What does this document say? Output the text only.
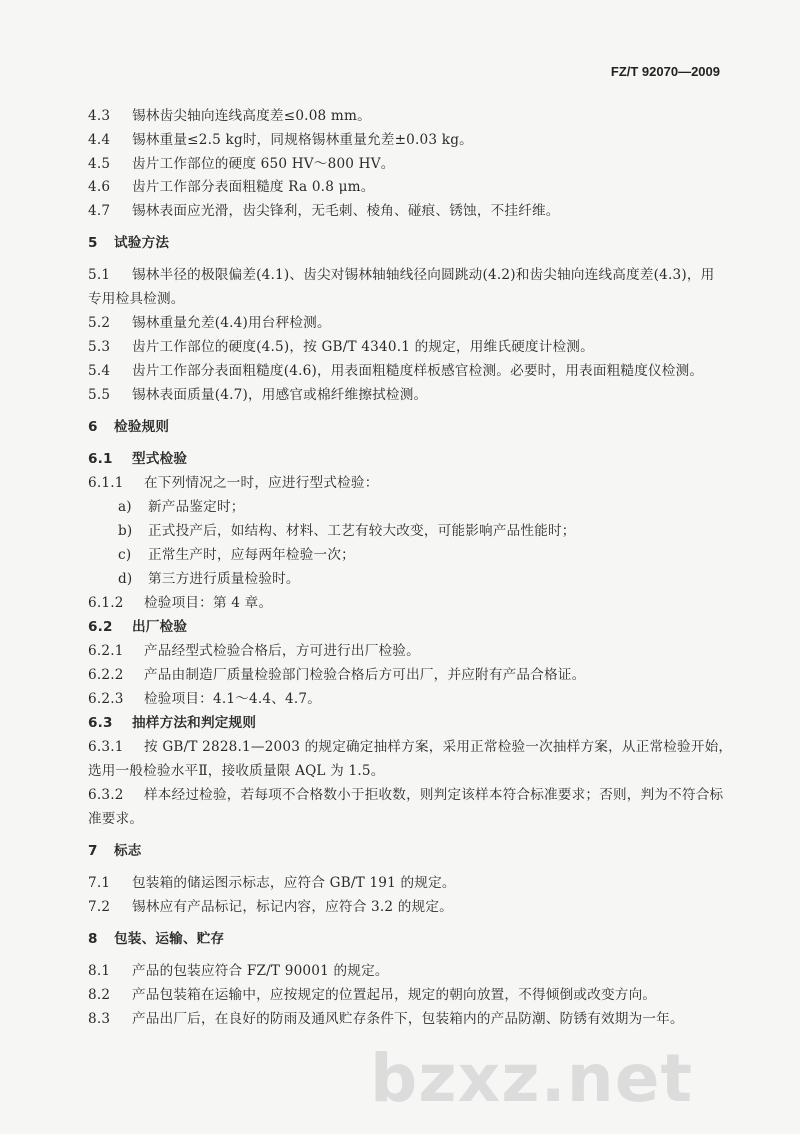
FZ/T 92070—2009
4.3 锡林齿尖轴向连线高度差≤0.08 mm。
4.4 锡林重量≤2.5 kg时，同规格锡林重量允差±0.03 kg。
4.5 齿片工作部位的硬度 650 HV～800 HV。
4.6 齿片工作部分表面粗糙度 Ra 0.8 μm。
4.7 锡林表面应光滑，齿尖锋利，无毛刺、棱角、碰痕、锈蚀，不挂纤维。
5 试验方法
5.1 锡林半径的极限偏差(4.1)、齿尖对锡林轴轴线径向圆跳动(4.2)和齿尖轴向连线高度差(4.3)，用
专用检具检测。
5.2 锡林重量允差(4.4)用台秤检测。
5.3 齿片工作部位的硬度(4.5)，按 GB/T 4340.1 的规定，用维氏硬度计检测。
5.4 齿片工作部分表面粗糙度(4.6)，用表面粗糙度样板感官检测。必要时，用表面粗糙度仪检测。
5.5 锡林表面质量(4.7)，用感官或棉纤维擦拭检测。
6 检验规则
6.1 型式检验
6.1.1 在下列情况之一时，应进行型式检验：
a) 新产品鉴定时；
b) 正式投产后，如结构、材料、工艺有较大改变，可能影响产品性能时；
c) 正常生产时，应每两年检验一次；
d) 第三方进行质量检验时。
6.1.2 检验项目：第 4 章。
6.2 出厂检验
6.2.1 产品经型式检验合格后，方可进行出厂检验。
6.2.2 产品由制造厂质量检验部门检验合格后方可出厂，并应附有产品合格证。
6.2.3 检验项目：4.1～4.4、4.7。
6.3 抽样方法和判定规则
6.3.1 按 GB/T 2828.1—2003 的规定确定抽样方案，采用正常检验一次抽样方案，从正常检验开始，
选用一般检验水平Ⅱ，接收质量限 AQL 为 1.5。
6.3.2 样本经过检验，若每项不合格数小于拒收数，则判定该样本符合标准要求；否则，判为不符合标
准要求。
7 标志
7.1 包装箱的储运图示标志，应符合 GB/T 191 的规定。
7.2 锡林应有产品标记，标记内容，应符合 3.2 的规定。
8 包装、运输、贮存
8.1 产品的包装应符合 FZ/T 90001 的规定。
8.2 产品包装箱在运输中，应按规定的位置起吊，规定的朝向放置，不得倾倒或改变方向。
8.3 产品出厂后，在良好的防雨及通风贮存条件下，包装箱内的产品防潮、防锈有效期为一年。
bzxz.net
